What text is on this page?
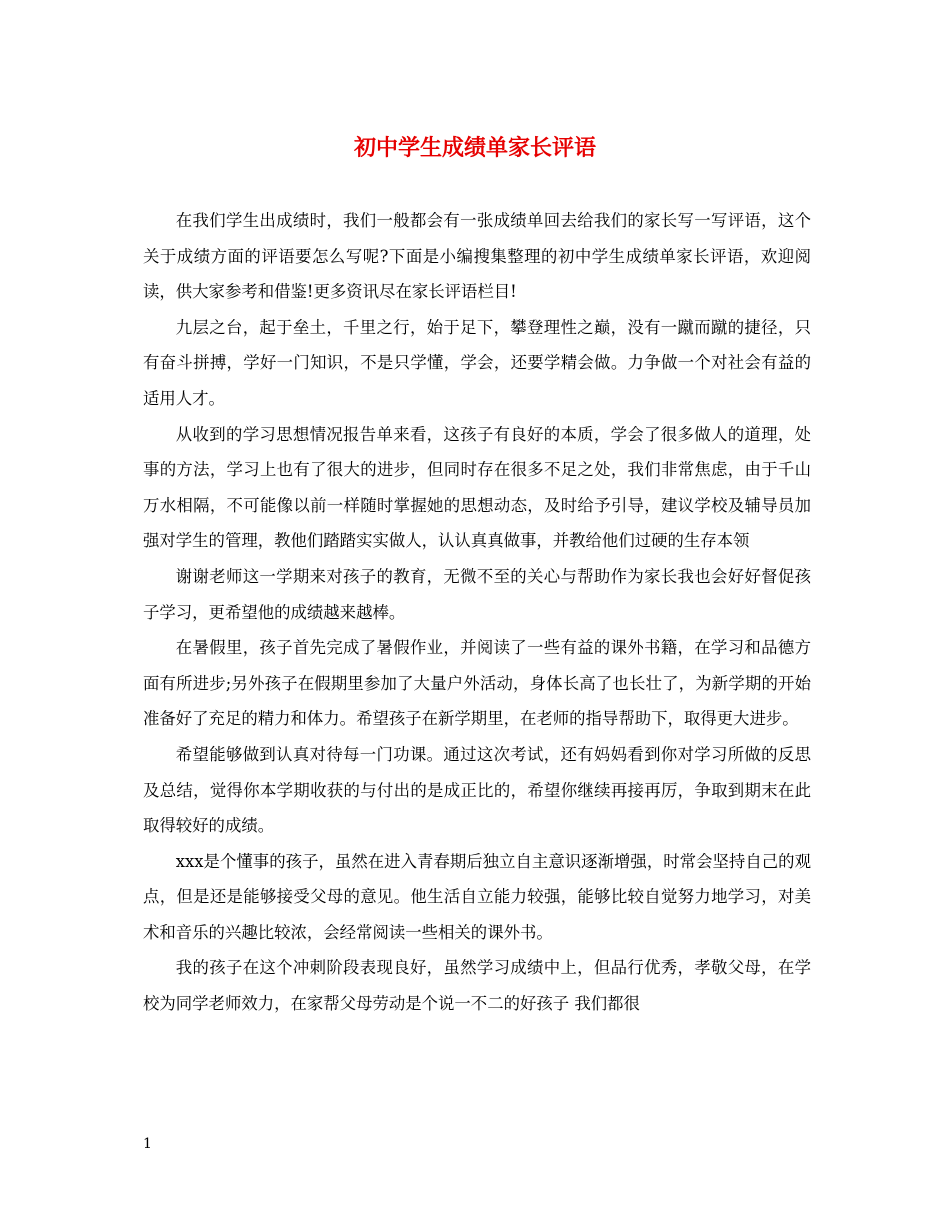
初中学生成绩单家长评语

在我们学生出成绩时，我们一般都会有一张成绩单回去给我们的家长写一写评语，这个关于成绩方面的评语要怎么写呢?下面是小编搜集整理的初中学生成绩单家长评语，欢迎阅读，供大家参考和借鉴!更多资讯尽在家长评语栏目!

九层之台，起于垒土，千里之行，始于足下，攀登理性之巅，没有一蹴而蹴的捷径，只有奋斗拼搏，学好一门知识，不是只学懂，学会，还要学精会做。力争做一个对社会有益的适用人才。

从收到的学习思想情况报告单来看，这孩子有良好的本质，学会了很多做人的道理，处事的方法，学习上也有了很大的进步，但同时存在很多不足之处，我们非常焦虑，由于千山万水相隔，不可能像以前一样随时掌握她的思想动态，及时给予引导，建议学校及辅导员加强对学生的管理，教他们踏踏实实做人，认认真真做事，并教给他们过硬的生存本领

谢谢老师这一学期来对孩子的教育，无微不至的关心与帮助作为家长我也会好好督促孩子学习，更希望他的成绩越来越棒。

在暑假里，孩子首先完成了暑假作业，并阅读了一些有益的课外书籍，在学习和品德方面有所进步;另外孩子在假期里参加了大量户外活动，身体长高了也长壮了，为新学期的开始准备好了充足的精力和体力。希望孩子在新学期里，在老师的指导帮助下，取得更大进步。

希望能够做到认真对待每一门功课。通过这次考试，还有妈妈看到你对学习所做的反思及总结，觉得你本学期收获的与付出的是成正比的，希望你继续再接再厉，争取到期末在此取得较好的成绩。

xxx是个懂事的孩子，虽然在进入青春期后独立自主意识逐渐增强，时常会坚持自己的观点，但是还是能够接受父母的意见。他生活自立能力较强，能够比较自觉努力地学习，对美术和音乐的兴趣比较浓，会经常阅读一些相关的课外书。

我的孩子在这个冲刺阶段表现良好，虽然学习成绩中上，但品行优秀，孝敬父母，在学校为同学老师效力，在家帮父母劳动是个说一不二的好孩子 我们都很

1
